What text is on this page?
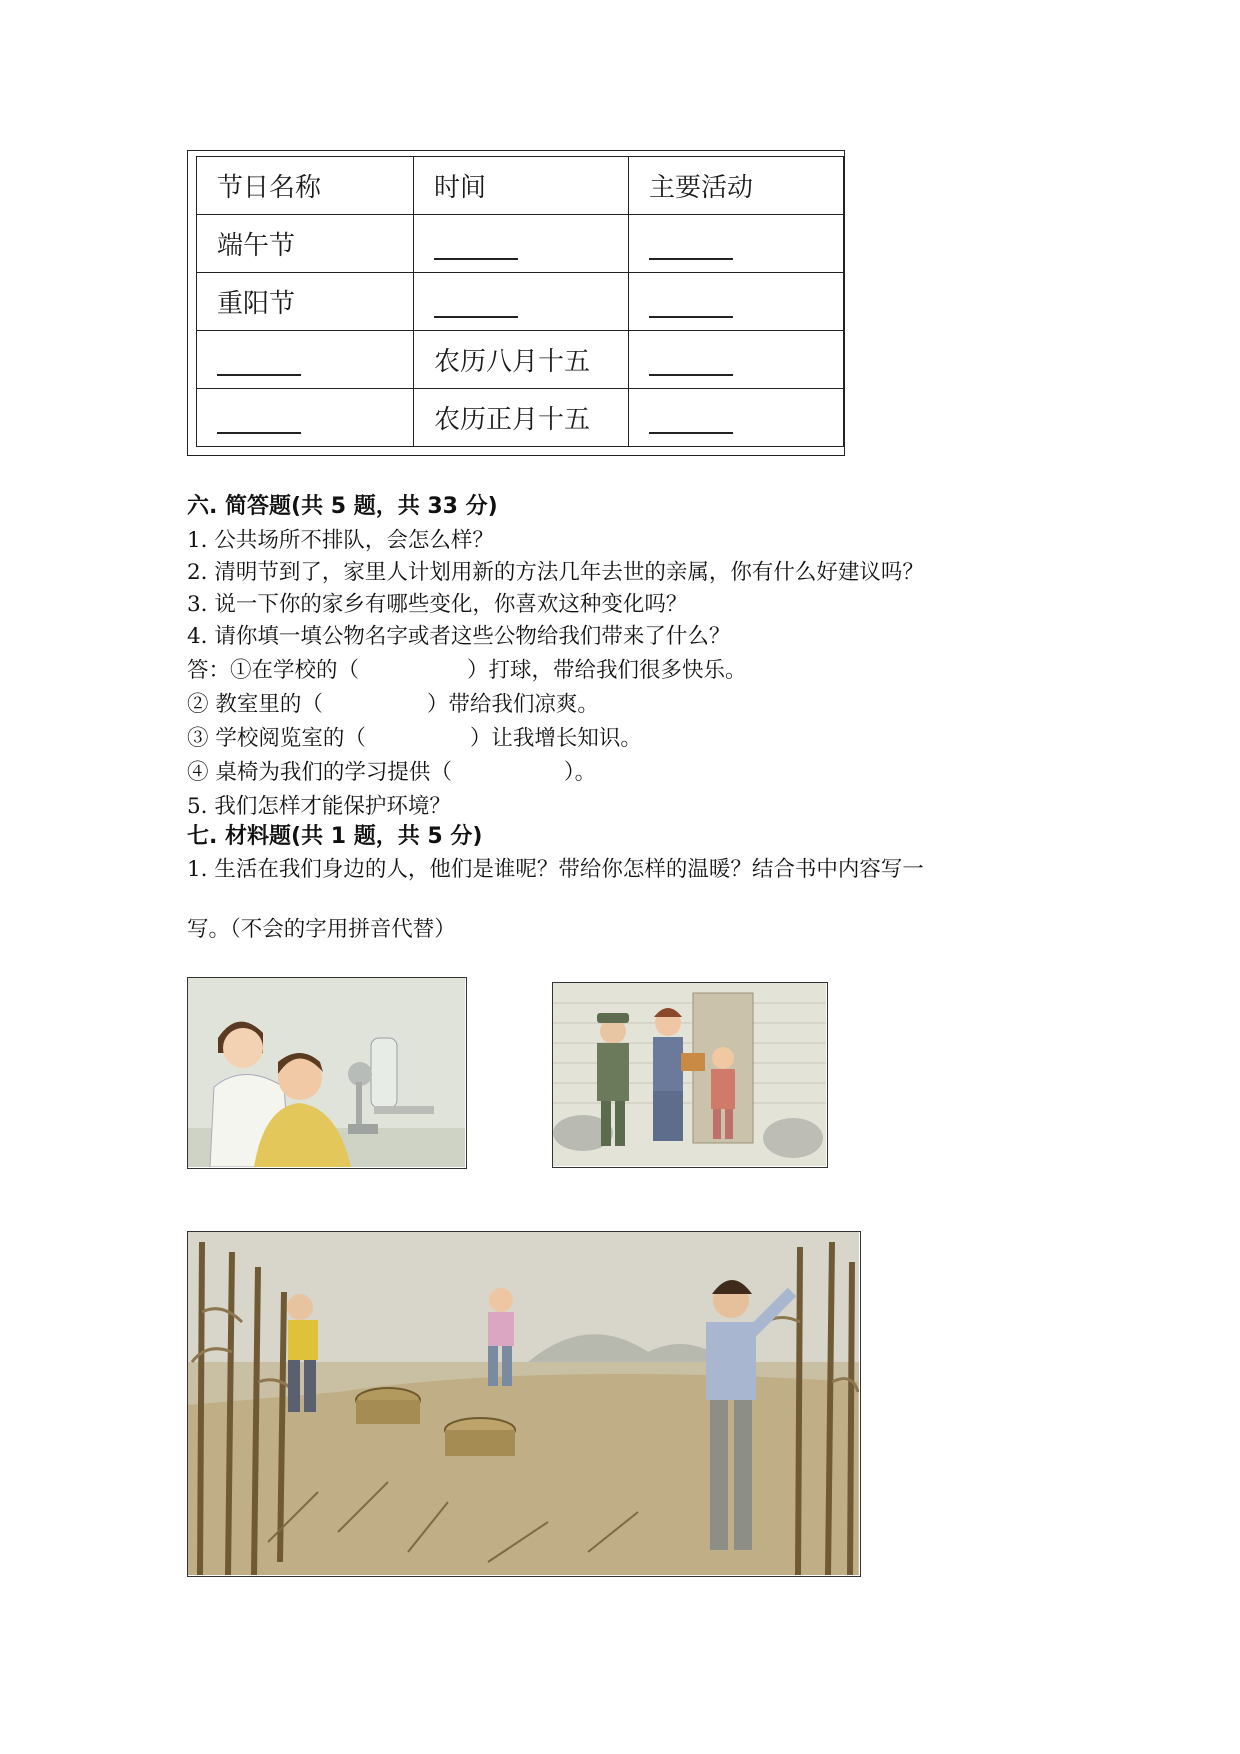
节日名称	时间	主要活动
端午节		
重阳节		
	农历八月十五	
	农历正月十五	
六. 简答题(共 5 题，共 33 分)
1. 公共场所不排队，会怎么样？
2. 清明节到了，家里人计划用新的方法几年去世的亲属，你有什么好建议吗？
3. 说一下你的家乡有哪些变化，你喜欢这种变化吗？
4. 请你填一填公物名字或者这些公物给我们带来了什么？
答：①在学校的（	）打球，带给我们很多快乐。
② 教室里的（	）带给我们凉爽。
③ 学校阅览室的（	）让我增长知识。
④ 桌椅为我们的学习提供（	）。
5. 我们怎样才能保护环境？
七. 材料题(共 1 题，共 5 分)
1. 生活在我们身边的人，他们是谁呢？带给你怎样的温暖？结合书中内容写一
写。（不会的字用拼音代替）
